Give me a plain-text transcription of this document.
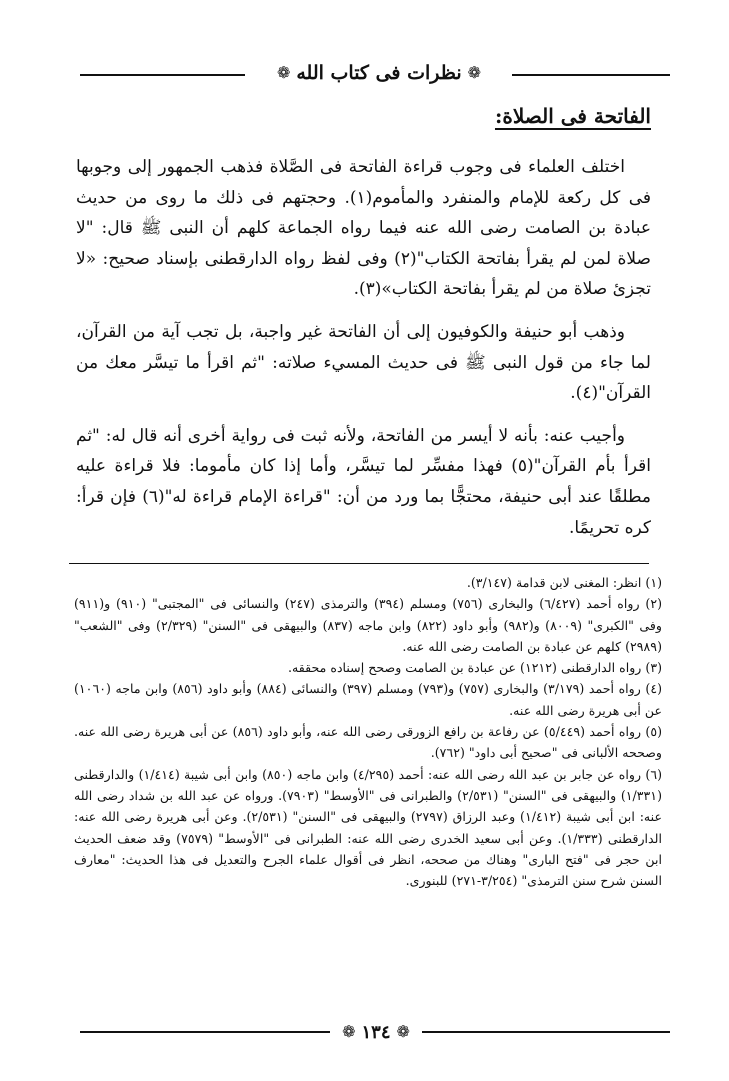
❁
نظرات فى كتاب الله
❁
الفاتحة فى الصلاة:

اختلف العلماء فى وجوب قراءة الفاتحة فى الصَّلاة فذهب الجمهور إلى وجوبها فى كل ركعة للإمام والمنفرد والمأموم(١). وحجتهم فى ذلك ما روى من حديث عبادة بن الصامت رضى الله عنه فيما رواه الجماعة كلهم أن النبى ﷺ قال: "لا صلاة لمن لم يقرأ بفاتحة الكتاب"(٢) وفى لفظ رواه الدارقطنى بإسناد صحيح: «لا تجزئ صلاة من لم يقرأ بفاتحة الكتاب»(٣).

وذهب أبو حنيفة والكوفيون إلى أن الفاتحة غير واجبة، بل تجب آية من القرآن، لما جاء من قول النبى ﷺ فى حديث المسيء صلاته: "ثم اقرأ ما تيسَّر معك من القرآن"(٤).

وأجيب عنه: بأنه لا أيسر من الفاتحة، ولأنه ثبت فى رواية أخرى أنه قال له: "ثم اقرأ بأم القرآن"(٥) فهذا مفسِّر لما تيسَّر، وأما إذا كان مأموما: فلا قراءة عليه مطلقًا عند أبى حنيفة، محتجًّا بما ورد من أن: "قراءة الإمام قراءة له"(٦) فإن قرأ: كره تحريمًا.

(١) انظر: المغنى لابن قدامة (٣/١٤٧).
(٢) رواه أحمد (٦/٤٢٧) والبخارى (٧٥٦) ومسلم (٣٩٤) والترمذى (٢٤٧) والنسائى فى "المجتبى" (٩١٠) و(٩١١) وفى "الكبرى" (٨٠٠٩) و(٩٨٢) وأبو داود (٨٢٢) وابن ماجه (٨٣٧) والبيهقى فى "السنن" (٢/٣٢٩) وفى "الشعب" (٢٩٨٩) كلهم عن عبادة بن الصامت رضى الله عنه.
(٣) رواه الدارقطنى (١٢١٢) عن عبادة بن الصامت وصحح إسناده محققه.
(٤) رواه أحمد (٣/١٧٩) والبخارى (٧٥٧) و(٧٩٣) ومسلم (٣٩٧) والنسائى (٨٨٤) وأبو داود (٨٥٦) وابن ماجه (١٠٦٠) عن أبى هريرة رضى الله عنه.
(٥) رواه أحمد (٥/٤٤٩) عن رفاعة بن رافع الزورقى رضى الله عنه، وأبو داود (٨٥٦) عن أبى هريرة رضى الله عنه. وصححه الألبانى فى "صحيح أبى داود" (٧٦٢).
(٦) رواه عن جابر بن عبد الله رضى الله عنه: أحمد (٤/٢٩٥) وابن ماجه (٨٥٠) وابن أبى شيبة (١/٤١٤) والدارقطنى (١/٣٣١) والبيهقى فى "السنن" (٢/٥٣١) والطبرانى فى "الأوسط" (٧٩٠٣). ورواه عن عبد الله بن شداد رضى الله عنه: ابن أبى شيبة (١/٤١٢) وعبد الرزاق (٢٧٩٧) والبيهقى فى "السنن" (٢/٥٣١). وعن أبى هريرة رضى الله عنه: الدارقطنى (١/٣٣٣). وعن أبى سعيد الخدرى رضى الله عنه: الطبرانى فى "الأوسط" (٧٥٧٩) وقد ضعف الحديث ابن حجر فى "فتح البارى" وهناك من صححه، انظر فى أقوال علماء الجرح والتعديل فى هذا الحديث: "معارف السنن شرح سنن الترمذى" (٣/٢٥٤-٢٧١) للبنورى.
❁
١٣٤
❁
